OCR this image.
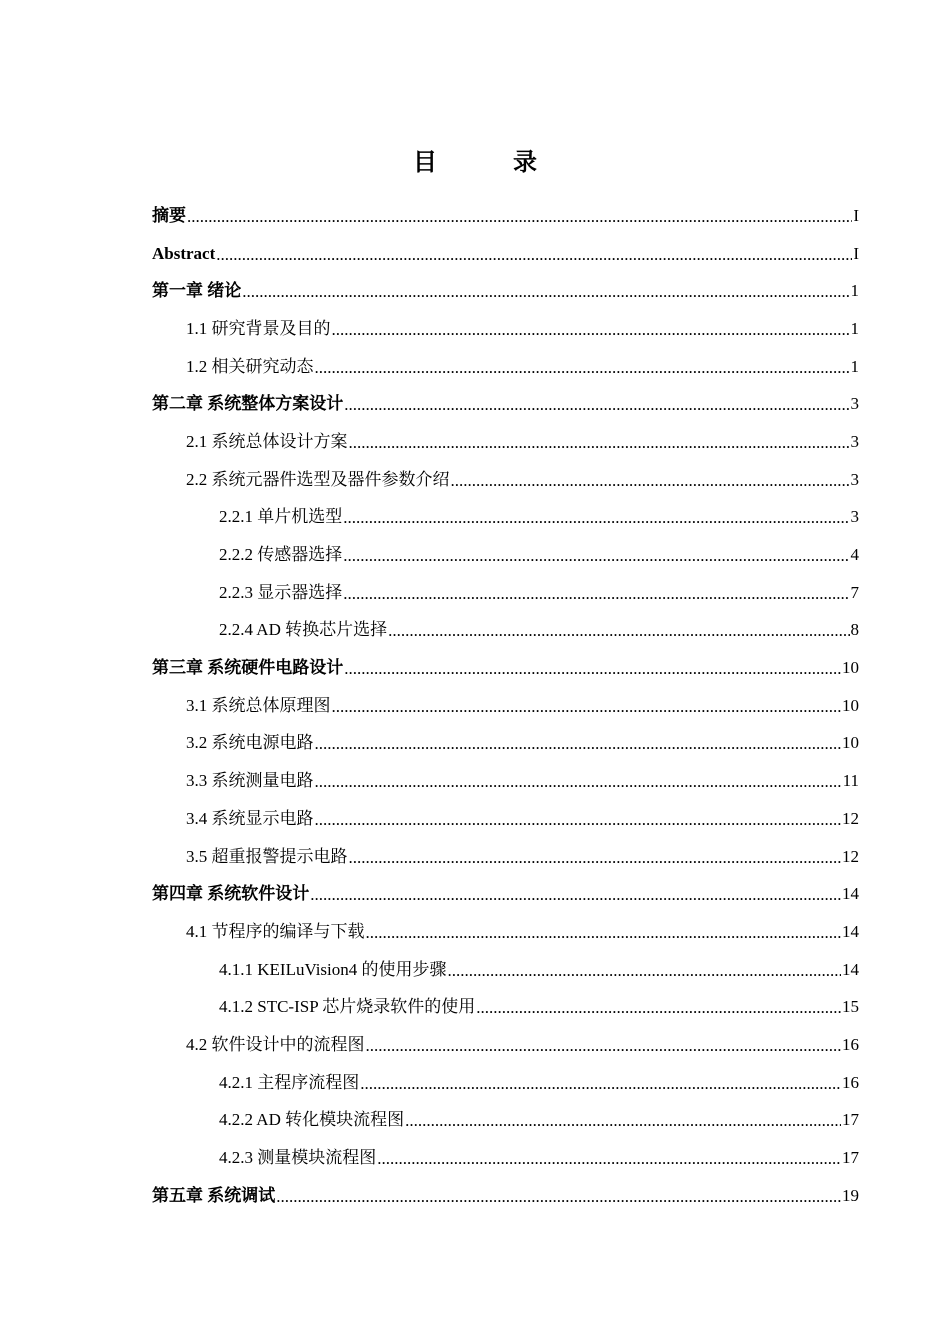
目　录
摘要 .....	I
Abstract .....	I
第一章 绪论 .....	1
1.1 研究背景及目的 .....	1
1.2 相关研究动态 .....	1
第二章 系统整体方案设计 .....	3
2.1 系统总体设计方案 .....	3
2.2 系统元器件选型及器件参数介绍 .....	3
2.2.1 单片机选型 .....	3
2.2.2 传感器选择 .....	4
2.2.3 显示器选择 .....	7
2.2.4 AD 转换芯片选择 .....	8
第三章 系统硬件电路设计 .....	10
3.1 系统总体原理图 .....	10
3.2 系统电源电路 .....	10
3.3 系统测量电路 .....	11
3.4 系统显示电路 .....	12
3.5 超重报警提示电路 .....	12
第四章 系统软件设计 .....	14
4.1 节程序的编译与下载 .....	14
4.1.1 KEILuVision4 的使用步骤 .....	14
4.1.2 STC-ISP 芯片烧录软件的使用 .....	15
4.2 软件设计中的流程图 .....	16
4.2.1 主程序流程图 .....	16
4.2.2 AD 转化模块流程图 .....	17
4.2.3 测量模块流程图 .....	17
第五章 系统调试 .....	19
